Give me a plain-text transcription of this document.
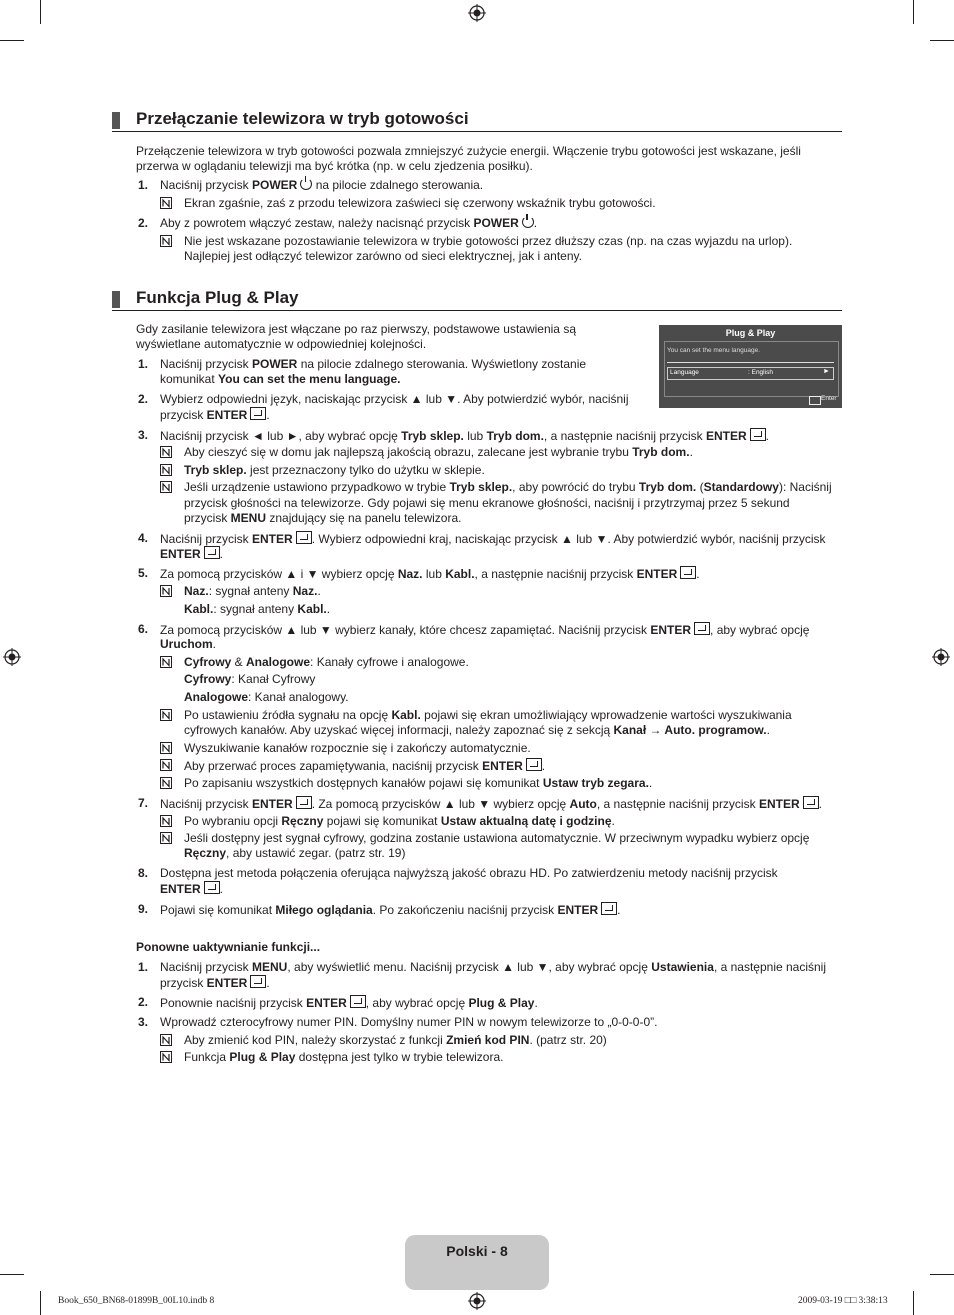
Przełączanie telewizora w tryb gotowości
Przełączenie telewizora w tryb gotowości pozwala zmniejszyć zużycie energii. Włączenie trybu gotowości jest wskazane, jeśli
przerwa w oglądaniu telewizji ma być krótka (np. w celu zjedzenia posiłku).
1. Naciśnij przycisk POWER na pilocie zdalnego sterowania.
Ekran zgaśnie, zaś z przodu telewizora zaświeci się czerwony wskaźnik trybu gotowości.
2. Aby z powrotem włączyć zestaw, należy nacisnąć przycisk POWER .
Nie jest wskazane pozostawianie telewizora w trybie gotowości przez dłuższy czas (np. na czas wyjazdu na urlop).
Najlepiej jest odłączyć telewizor zarówno od sieci elektrycznej, jak i anteny.
Funkcja Plug & Play
Gdy zasilanie telewizora jest włączane po raz pierwszy, podstawowe ustawienia są
wyświetlane automatycznie w odpowiedniej kolejności.
Plug & Play
You can set the menu language.
Language	: English	►
Enter
1. Naciśnij przycisk POWER na pilocie zdalnego sterowania. Wyświetlony zostanie
komunikat You can set the menu language.
2. Wybierz odpowiedni język, naciskając przycisk ▲ lub ▼. Aby potwierdzić wybór, naciśnij
przycisk ENTER .
3. Naciśnij przycisk ◄ lub ►, aby wybrać opcję Tryb sklep. lub Tryb dom., a następnie naciśnij przycisk ENTER .
Aby cieszyć się w domu jak najlepszą jakością obrazu, zalecane jest wybranie trybu Tryb dom..
Tryb sklep. jest przeznaczony tylko do użytku w sklepie.
Jeśli urządzenie ustawiono przypadkowo w trybie Tryb sklep., aby powrócić do trybu Tryb dom. (Standardowy): Naciśnij
przycisk głośności na telewizorze. Gdy pojawi się menu ekranowe głośności, naciśnij i przytrzymaj przez 5 sekund
przycisk MENU znajdujący się na panelu telewizora.
4. Naciśnij przycisk ENTER . Wybierz odpowiedni kraj, naciskając przycisk ▲ lub ▼. Aby potwierdzić wybór, naciśnij przycisk
ENTER .
5. Za pomocą przycisków ▲ i ▼ wybierz opcję Naz. lub Kabl., a następnie naciśnij przycisk ENTER .
Naz.: sygnał anteny Naz..
Kabl.: sygnał anteny Kabl..
6. Za pomocą przycisków ▲ lub ▼ wybierz kanały, które chcesz zapamiętać. Naciśnij przycisk ENTER , aby wybrać opcję
Uruchom.
Cyfrowy & Analogowe: Kanały cyfrowe i analogowe.
Cyfrowy: Kanał Cyfrowy
Analogowe: Kanał analogowy.
Po ustawieniu źródła sygnału na opcję Kabl. pojawi się ekran umożliwiający wprowadzenie wartości wyszukiwania
cyfrowych kanałów. Aby uzyskać więcej informacji, należy zapoznać się z sekcją Kanał → Auto. programow..
Wyszukiwanie kanałów rozpocznie się i zakończy automatycznie.
Aby przerwać proces zapamiętywania, naciśnij przycisk ENTER .
Po zapisaniu wszystkich dostępnych kanałów pojawi się komunikat Ustaw tryb zegara..
7. Naciśnij przycisk ENTER . Za pomocą przycisków ▲ lub ▼ wybierz opcję Auto, a następnie naciśnij przycisk ENTER .
Po wybraniu opcji Ręczny pojawi się komunikat Ustaw aktualną datę i godzinę.
Jeśli dostępny jest sygnał cyfrowy, godzina zostanie ustawiona automatycznie. W przeciwnym wypadku wybierz opcję
Ręczny, aby ustawić zegar. (patrz str. 19)
8. Dostępna jest metoda połączenia oferująca najwyższą jakość obrazu HD. Po zatwierdzeniu metody naciśnij przycisk
ENTER .
9. Pojawi się komunikat Miłego oglądania. Po zakończeniu naciśnij przycisk ENTER .
Ponowne uaktywnianie funkcji...
1. Naciśnij przycisk MENU, aby wyświetlić menu. Naciśnij przycisk ▲ lub ▼, aby wybrać opcję Ustawienia, a następnie naciśnij
przycisk ENTER .
2. Ponownie naciśnij przycisk ENTER , aby wybrać opcję Plug & Play.
3. Wprowadź czterocyfrowy numer PIN. Domyślny numer PIN w nowym telewizorze to „0-0-0-0”.
Aby zmienić kod PIN, należy skorzystać z funkcji Zmień kod PIN. (patrz str. 20)
Funkcja Plug & Play dostępna jest tylko w trybie telewizora.
Polski - 8
Book_650_BN68-01899B_00L10.indb 8	2009-03-19 □□ 3:38:13
